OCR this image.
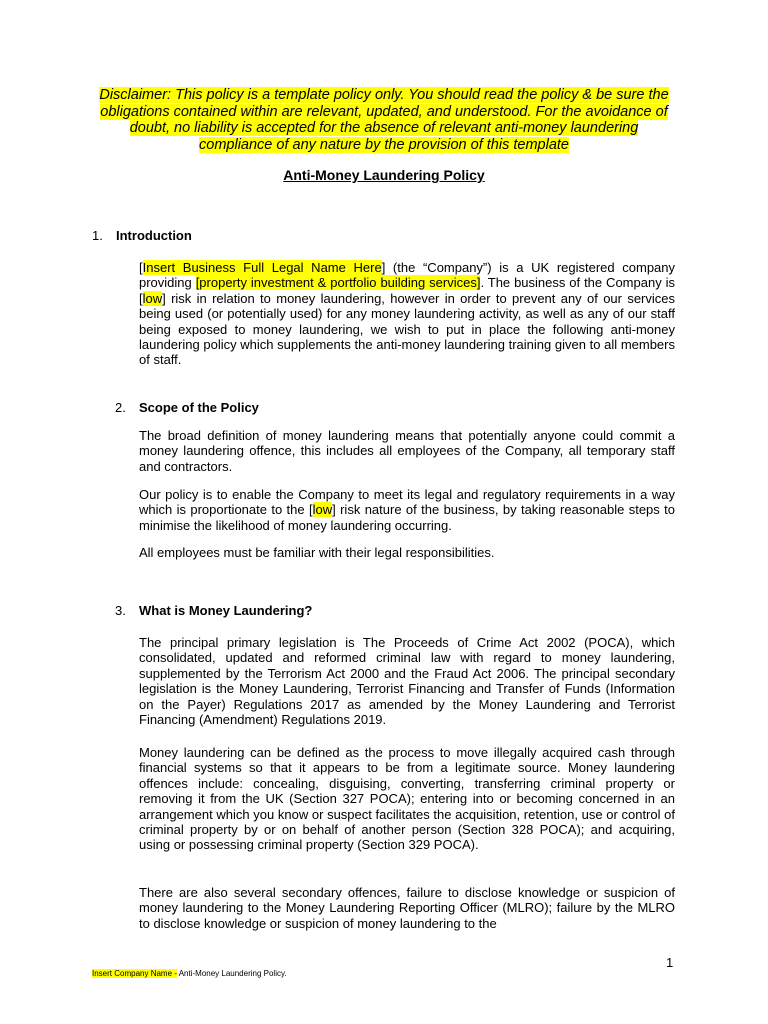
Disclaimer: This policy is a template policy only. You should read the policy & be sure the obligations contained within are relevant, updated, and understood. For the avoidance of doubt, no liability is accepted for the absence of relevant anti-money laundering compliance of any nature by the provision of this template
Anti-Money Laundering Policy
1. Introduction
[Insert Business Full Legal Name Here] (the “Company”) is a UK registered company providing [property investment & portfolio building services]. The business of the Company is [low] risk in relation to money laundering, however in order to prevent any of our services being used (or potentially used) for any money laundering activity, as well as any of our staff being exposed to money laundering, we wish to put in place the following anti-money laundering policy which supplements the anti-money laundering training given to all members of staff.
2. Scope of the Policy
The broad definition of money laundering means that potentially anyone could commit a money laundering offence, this includes all employees of the Company, all temporary staff and contractors.
Our policy is to enable the Company to meet its legal and regulatory requirements in a way which is proportionate to the [low] risk nature of the business, by taking reasonable steps to minimise the likelihood of money laundering occurring.
All employees must be familiar with their legal responsibilities.
3. What is Money Laundering?
The principal primary legislation is The Proceeds of Crime Act 2002 (POCA), which consolidated, updated and reformed criminal law with regard to money laundering, supplemented by the Terrorism Act 2000 and the Fraud Act 2006. The principal secondary legislation is the Money Laundering, Terrorist Financing and Transfer of Funds (Information on the Payer) Regulations 2017 as amended by the Money Laundering and Terrorist Financing (Amendment) Regulations 2019.
Money laundering can be defined as the process to move illegally acquired cash through financial systems so that it appears to be from a legitimate source. Money laundering offences include: concealing, disguising, converting, transferring criminal property or removing it from the UK (Section 327 POCA); entering into or becoming concerned in an arrangement which you know or suspect facilitates the acquisition, retention, use or control of criminal property by or on behalf of another person (Section 328 POCA); and acquiring, using or possessing criminal property (Section 329 POCA).
There are also several secondary offences, failure to disclose knowledge or suspicion of money laundering to the Money Laundering Reporting Officer (MLRO); failure by the MLRO to disclose knowledge or suspicion of money laundering to the
1
Insert Company Name - Anti-Money Laundering Policy.
